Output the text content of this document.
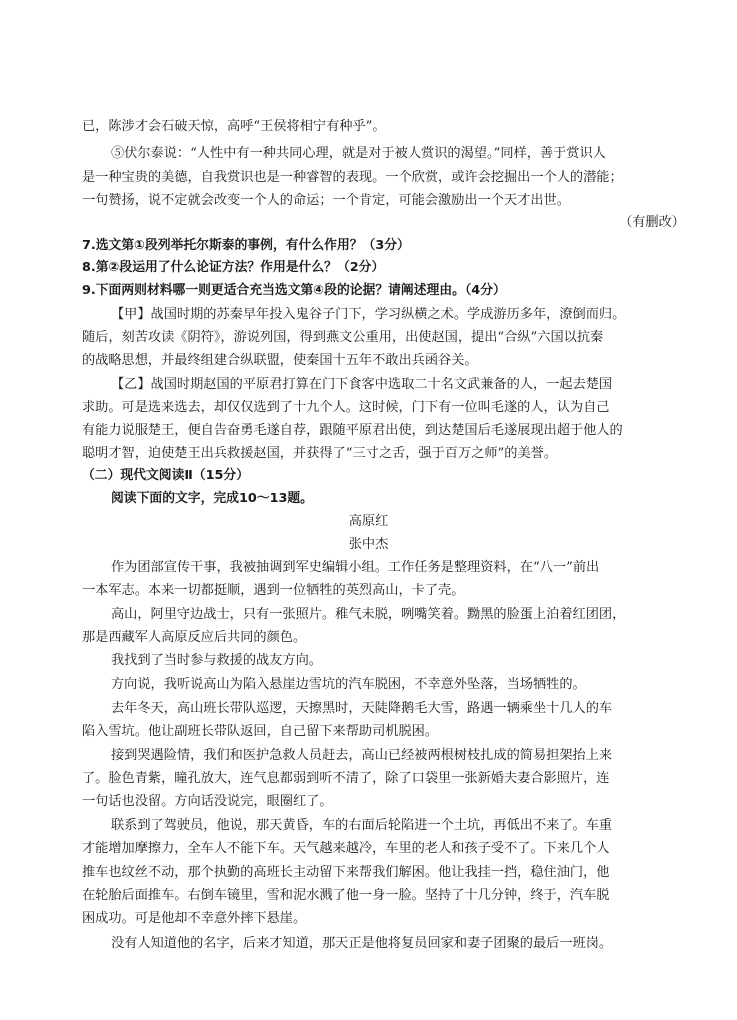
已，陈涉才会石破天惊，高呼“王侯将相宁有种乎”。
⑤伏尔泰说：“人性中有一种共同心理，就是对于被人赏识的渴望。”同样，善于赏识人
是一种宝贵的美德，自我赏识也是一种睿智的表现。一个欣赏，或许会挖掘出一个人的潜能；
一句赞扬，说不定就会改变一个人的命运；一个肯定，可能会激励出一个天才出世。
（有删改）
7.选文第①段列举托尔斯泰的事例，有什么作用？（3分）
8.第②段运用了什么论证方法？作用是什么？（2分）
9.下面两则材料哪一则更适合充当选文第④段的论据？请阐述理由。（4分）
【甲】战国时期的苏秦早年投入鬼谷子门下，学习纵横之术。学成游历多年，潦倒而归。
随后，刻苦攻读《阴符》，游说列国，得到燕文公重用，出使赵国，提出“合纵”六国以抗秦
的战略思想，并最终组建合纵联盟，使秦国十五年不敢出兵函谷关。
【乙】战国时期赵国的平原君打算在门下食客中选取二十名文武兼备的人，一起去楚国
求助。可是选来选去，却仅仅选到了十九个人。这时候，门下有一位叫毛遂的人，认为自己
有能力说服楚王，便自告奋勇毛遂自荐，跟随平原君出使，到达楚国后毛遂展现出超于他人的
聪明才智，迫使楚王出兵救援赵国，并获得了“三寸之舌，强于百万之师”的美誉。
（二）现代文阅读Ⅱ（15分）
阅读下面的文字，完成10～13题。
高原红
张中杰
作为团部宣传干事，我被抽调到军史编辑小组。工作任务是整理资料，在“八一”前出
一本军志。本来一切都挺顺，遇到一位牺牲的英烈高山，卡了壳。
高山，阿里守边战士，只有一张照片。稚气未脱，咧嘴笑着。黝黑的脸蛋上泊着红团团，
那是西藏军人高原反应后共同的颜色。
我找到了当时参与救援的战友方向。
方向说，我听说高山为陷入悬崖边雪坑的汽车脱困，不幸意外坠落，当场牺牲的。
去年冬天，高山班长带队巡逻，天擦黑时，天陡降鹅毛大雪，路遇一辆乘坐十几人的车
陷入雪坑。他让副班长带队返回，自己留下来帮助司机脱困。
接到哭遇险情，我们和医护急救人员赶去，高山已经被两根树枝扎成的简易担架抬上来
了。脸色青紫，瞳孔放大，连气息都弱到听不清了，除了口袋里一张新婚夫妻合影照片，连
一句话也没留。方向话没说完，眼圈红了。
联系到了驾驶员，他说，那天黄昏，车的右面后轮陷进一个土坑，再低出不来了。车重
才能增加摩擦力，全车人不能下车。天气越来越冷，车里的老人和孩子受不了。下来几个人
推车也纹丝不动，那个执勤的高班长主动留下来帮我们解困。他让我挂一挡，稳住油门，他
在轮胎后面推车。右倒车镜里，雪和泥水溅了他一身一脸。坚持了十几分钟，终于，汽车脱
困成功。可是他却不幸意外摔下悬崖。
没有人知道他的名字，后来才知道，那天正是他将复员回家和妻子团聚的最后一班岗。
